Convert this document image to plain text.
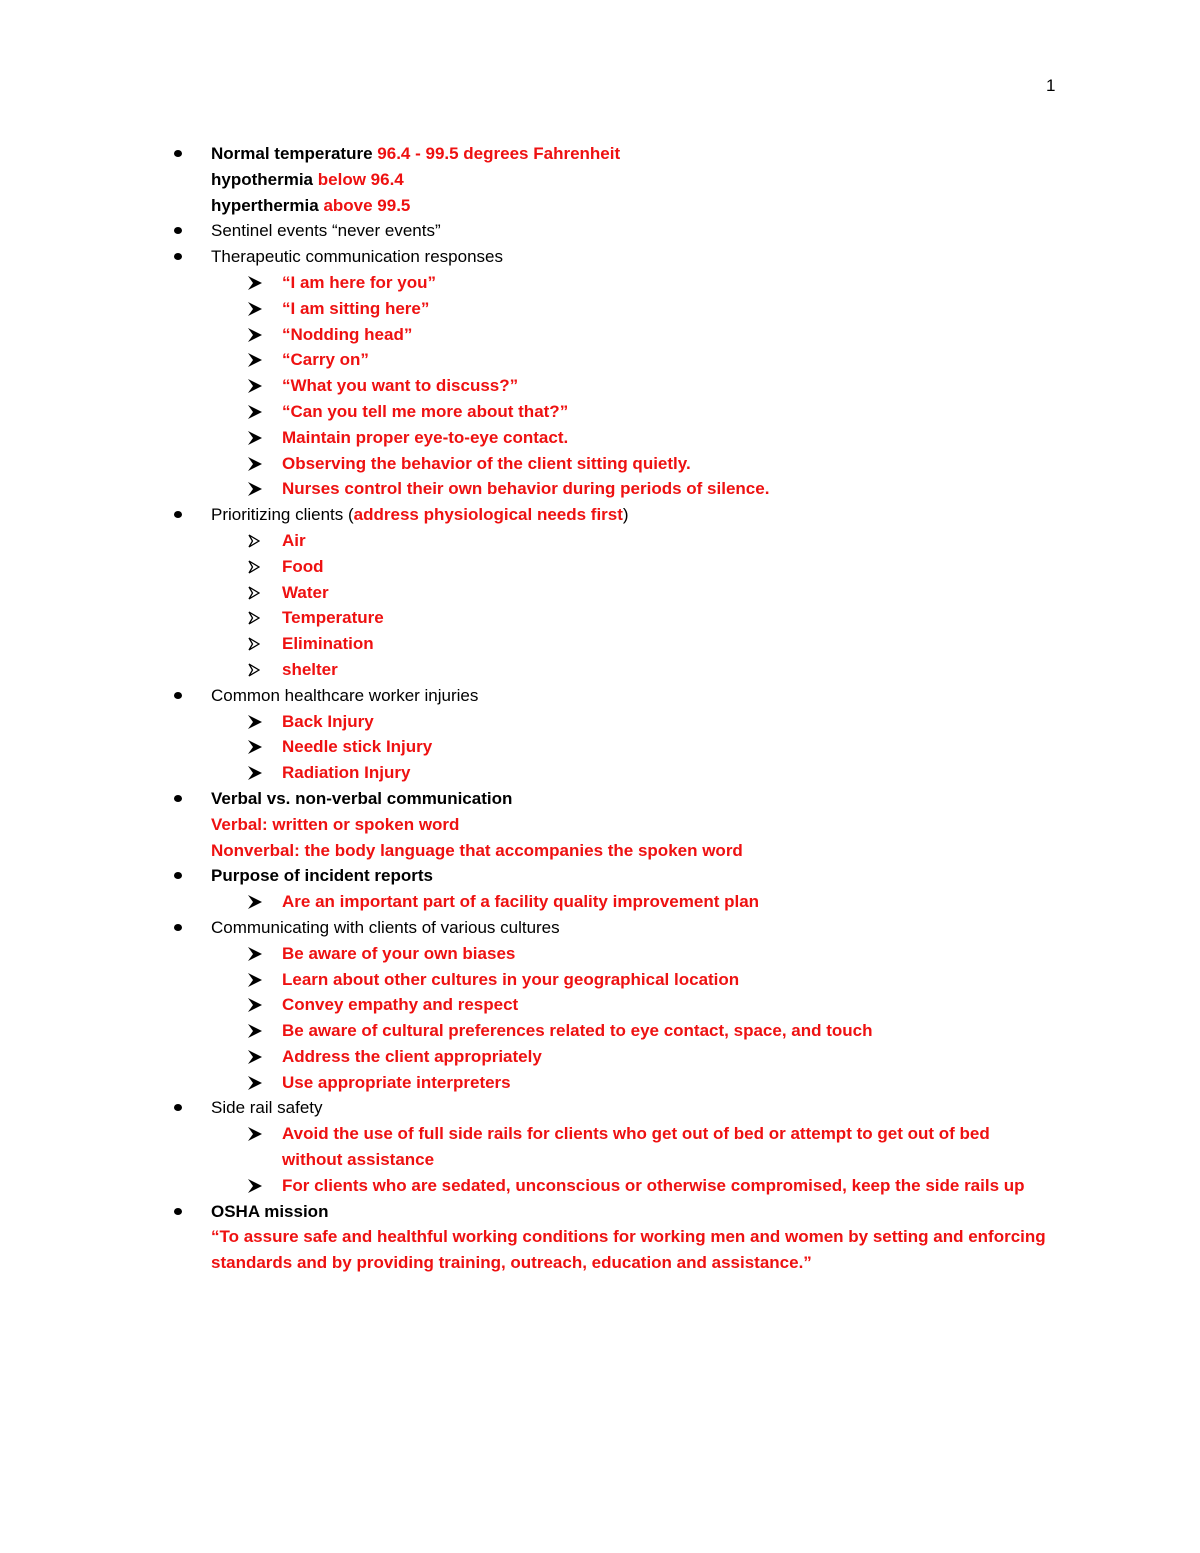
1
Normal temperature 96.4 - 99.5 degrees Fahrenheit
hypothermia below 96.4
hyperthermia above 99.5
Sentinel events “never events”
Therapeutic communication responses
“I am here for you”
“I am sitting here”
“Nodding head”
“Carry on”
“What you want to discuss?”
“Can you tell me more about that?”
Maintain proper eye-to-eye contact.
Observing the behavior of the client sitting quietly.
Nurses control their own behavior during periods of silence.
Prioritizing clients (address physiological needs first)
Air
Food
Water
Temperature
Elimination
shelter
Common healthcare worker injuries
Back Injury
Needle stick Injury
Radiation Injury
Verbal vs. non-verbal communication
Verbal: written or spoken word
Nonverbal: the body language that accompanies the spoken word
Purpose of incident reports
Are an important part of a facility quality improvement plan
Communicating with clients of various cultures
Be aware of your own biases
Learn about other cultures in your geographical location
Convey empathy and respect
Be aware of cultural preferences related to eye contact, space, and touch
Address the client appropriately
Use appropriate interpreters
Side rail safety
Avoid the use of full side rails for clients who get out of bed or attempt to get out of bed
without assistance
For clients who are sedated, unconscious or otherwise compromised, keep the side rails up
OSHA mission
“To assure safe and healthful working conditions for working men and women by setting and enforcing
standards and by providing training, outreach, education and assistance.”
